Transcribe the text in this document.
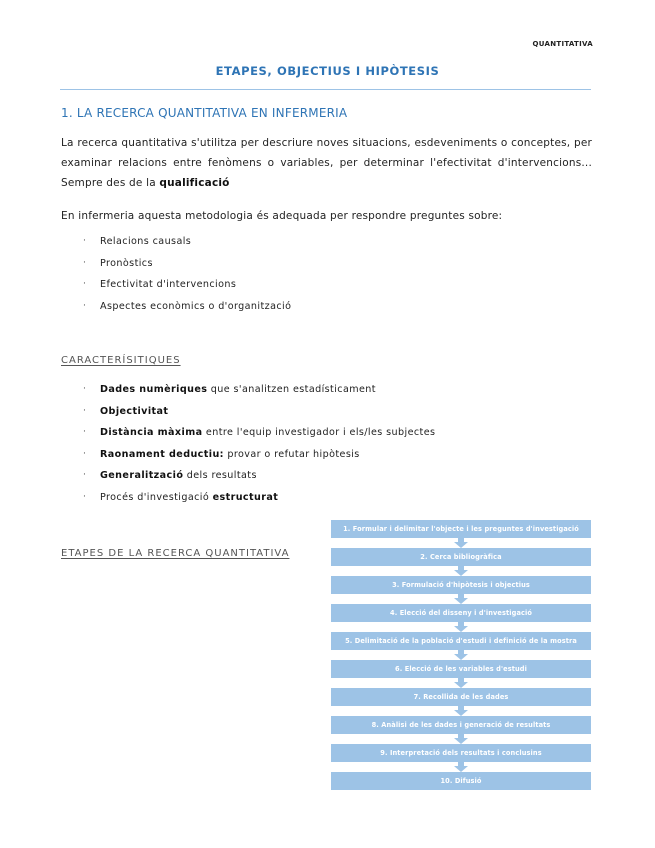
QUANTITATIVA
ETAPES, OBJECTIUS I HIPÒTESIS
1. LA RECERCA QUANTITATIVA EN INFERMERIA
La recerca quantitativa s'utilitza per descriure noves situacions, esdeveniments o conceptes, per examinar relacions entre fenòmens o variables, per determinar l'efectivitat d'intervencions... Sempre des de la qualificació
En infermeria aquesta metodologia és adequada per respondre preguntes sobre:
· Relacions causals
· Pronòstics
· Efectivitat d'intervencions
· Aspectes econòmics o d'organització
CARACTERÍSITIQUES
· Dades numèriques que s'analitzen estadísticament
· Objectivitat
· Distància màxima entre l'equip investigador i els/les subjectes
· Raonament deductiu: provar o refutar hipòtesis
· Generalització dels resultats
· Procés d'investigació estructurat
ETAPES DE LA RECERCA QUANTITATIVA
1. Formular i delimitar l'objecte i les preguntes d'investigació
2. Cerca bibliogràfica
3. Formulació d'hipòtesis i objectius
4. Elecció del disseny i d'investigació
5. Delimitació de la població d'estudi i definició de la mostra
6. Elecció de les variables d'estudi
7. Recollida de les dades
8. Anàlisi de les dades i generació de resultats
9. Interpretació dels resultats i conclusins
10. Difusió
